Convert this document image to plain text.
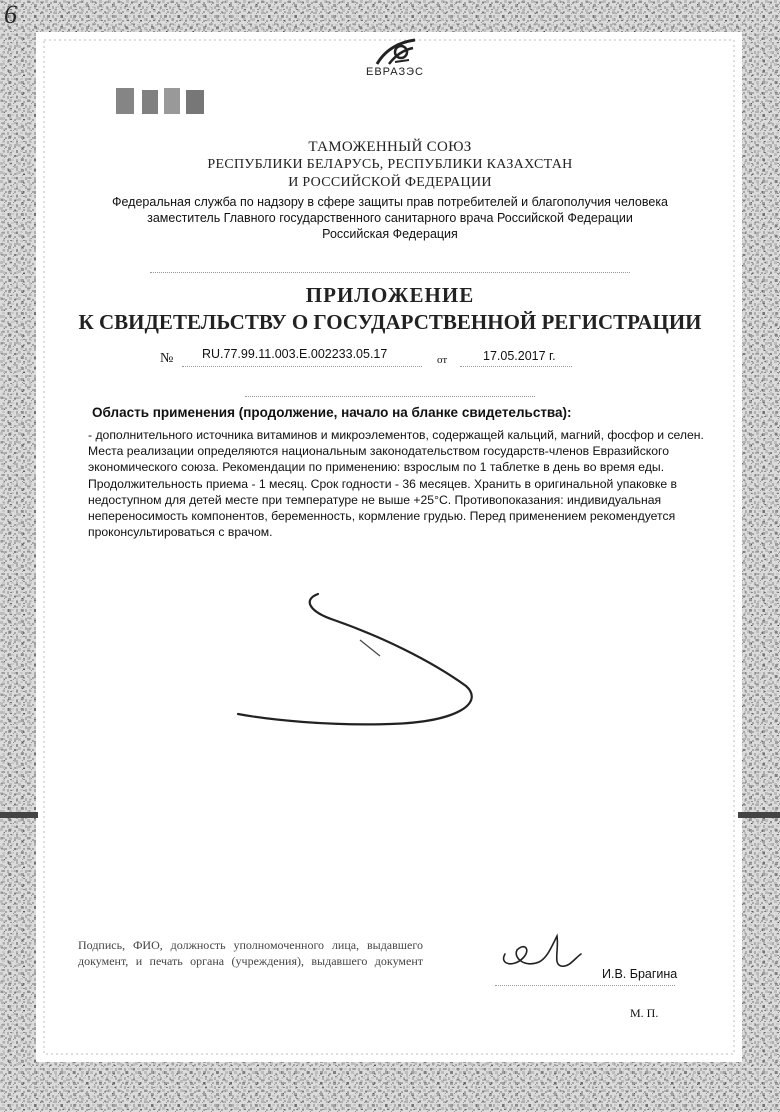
6
ЕВРАЗЭС
ТАМОЖЕННЫЙ СОЮЗ
РЕСПУБЛИКИ БЕЛАРУСЬ, РЕСПУБЛИКИ КАЗАХСТАН
И РОССИЙСКОЙ ФЕДЕРАЦИИ
Федеральная служба по надзору в сфере защиты прав потребителей и благополучия человека
заместитель Главного государственного санитарного врача Российской Федерации
Российская Федерация
ПРИЛОЖЕНИЕ
К СВИДЕТЕЛЬСТВУ О ГОСУДАРСТВЕННОЙ РЕГИСТРАЦИИ
№ RU.77.99.11.003.Е.002233.05.17	от	17.05.2017 г.
Область применения (продолжение, начало на бланке свидетельства):

- дополнительного источника витаминов и микроэлементов, содержащей кальций, магний, фосфор и селен. Места реализации определяются национальным законодательством государств-членов Евразийского экономического союза. Рекомендации по применению: взрослым по 1 таблетке в день во время еды. Продолжительность приема - 1 месяц. Срок годности - 36 месяцев. Хранить в оригинальной упаковке в недоступном для детей месте при температуре не выше +25°С. Противопоказания: индивидуальная непереносимость компонентов, беременность, кормление грудью. Перед применением рекомендуется проконсультироваться с врачом.

Подпись, ФИО, должность уполномоченного лица, выдавшего документ, и печать органа (учреждения), выдавшего документ
И.В. Брагина
М. П.
